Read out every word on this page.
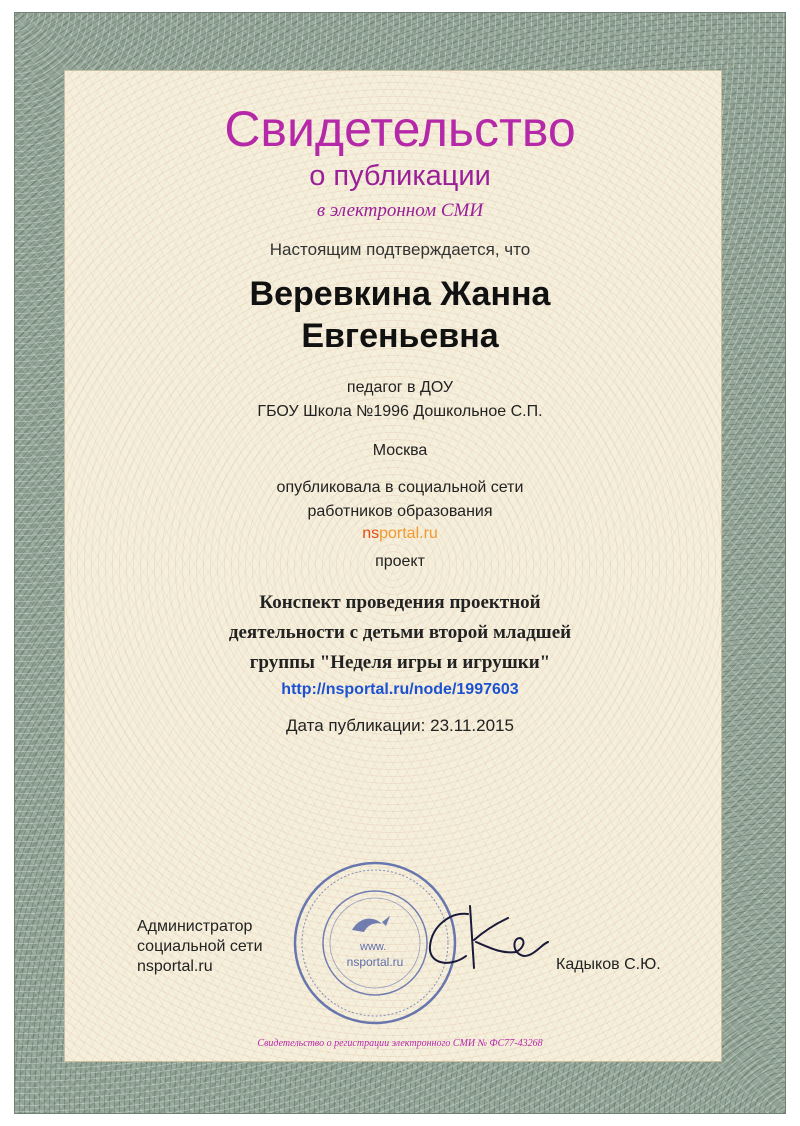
Свидетельство
о публикации
в электронном СМИ
Настоящим подтверждается, что
Веревкина Жанна
Евгеньевна
педагог в ДОУ
ГБОУ Школа №1996 Дошкольное С.П.
Москва
опубликовала в социальной сети
работников образования
nsportal.ru
проект
Конспект проведения проектной
деятельности с детьми второй младшей
группы "Неделя игры и игрушки"
http://nsportal.ru/node/1997603
Дата публикации: 23.11.2015
Администратор
социальной сети
nsportal.ru
www.
nsportal.ru	Кадыков С.Ю.
Свидетельство о регистрации электронного СМИ № ФС77-43268
